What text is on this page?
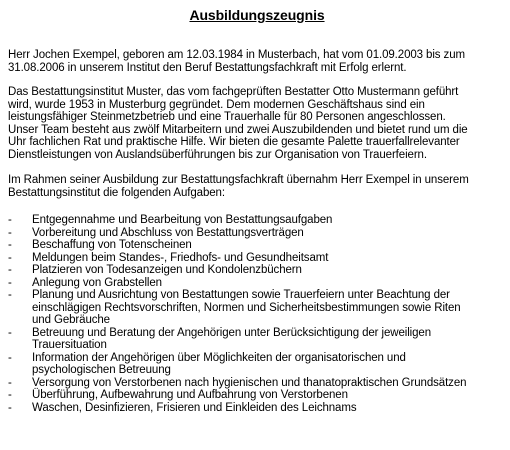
Ausbildungszeugnis

Herr Jochen Exempel, geboren am 12.03.1984 in Musterbach, hat vom 01.09.2003 bis zum
31.08.2006 in unserem Institut den Beruf Bestattungsfachkraft mit Erfolg erlernt.

Das Bestattungsinstitut Muster, das vom fachgeprüften Bestatter Otto Mustermann geführt
wird, wurde 1953 in Musterburg gegründet. Dem modernen Geschäftshaus sind ein
leistungsfähiger Steinmetzbetrieb und eine Trauerhalle für 80 Personen angeschlossen.
Unser Team besteht aus zwölf Mitarbeitern und zwei Auszubildenden und bietet rund um die
Uhr fachlichen Rat und praktische Hilfe. Wir bieten die gesamte Palette trauerfallrelevanter
Dienstleistungen von Auslandsüberführungen bis zur Organisation von Trauerfeiern.

Im Rahmen seiner Ausbildung zur Bestattungsfachkraft übernahm Herr Exempel in unserem
Bestattungsinstitut die folgenden Aufgaben:

- Entgegennahme und Bearbeitung von Bestattungsaufgaben
- Vorbereitung und Abschluss von Bestattungsverträgen
- Beschaffung von Totenscheinen
- Meldungen beim Standes-, Friedhofs- und Gesundheitsamt
- Platzieren von Todesanzeigen und Kondolenzbüchern
- Anlegung von Grabstellen
- Planung und Ausrichtung von Bestattungen sowie Trauerfeiern unter Beachtung der
einschlägigen Rechtsvorschriften, Normen und Sicherheitsbestimmungen sowie Riten
und Gebräuche
- Betreuung und Beratung der Angehörigen unter Berücksichtigung der jeweiligen
Trauersituation
- Information der Angehörigen über Möglichkeiten der organisatorischen und
psychologischen Betreuung
- Versorgung von Verstorbenen nach hygienischen und thanatopraktischen Grundsätzen
- Überführung, Aufbewahrung und Aufbahrung von Verstorbenen
- Waschen, Desinfizieren, Frisieren und Einkleiden des Leichnams
